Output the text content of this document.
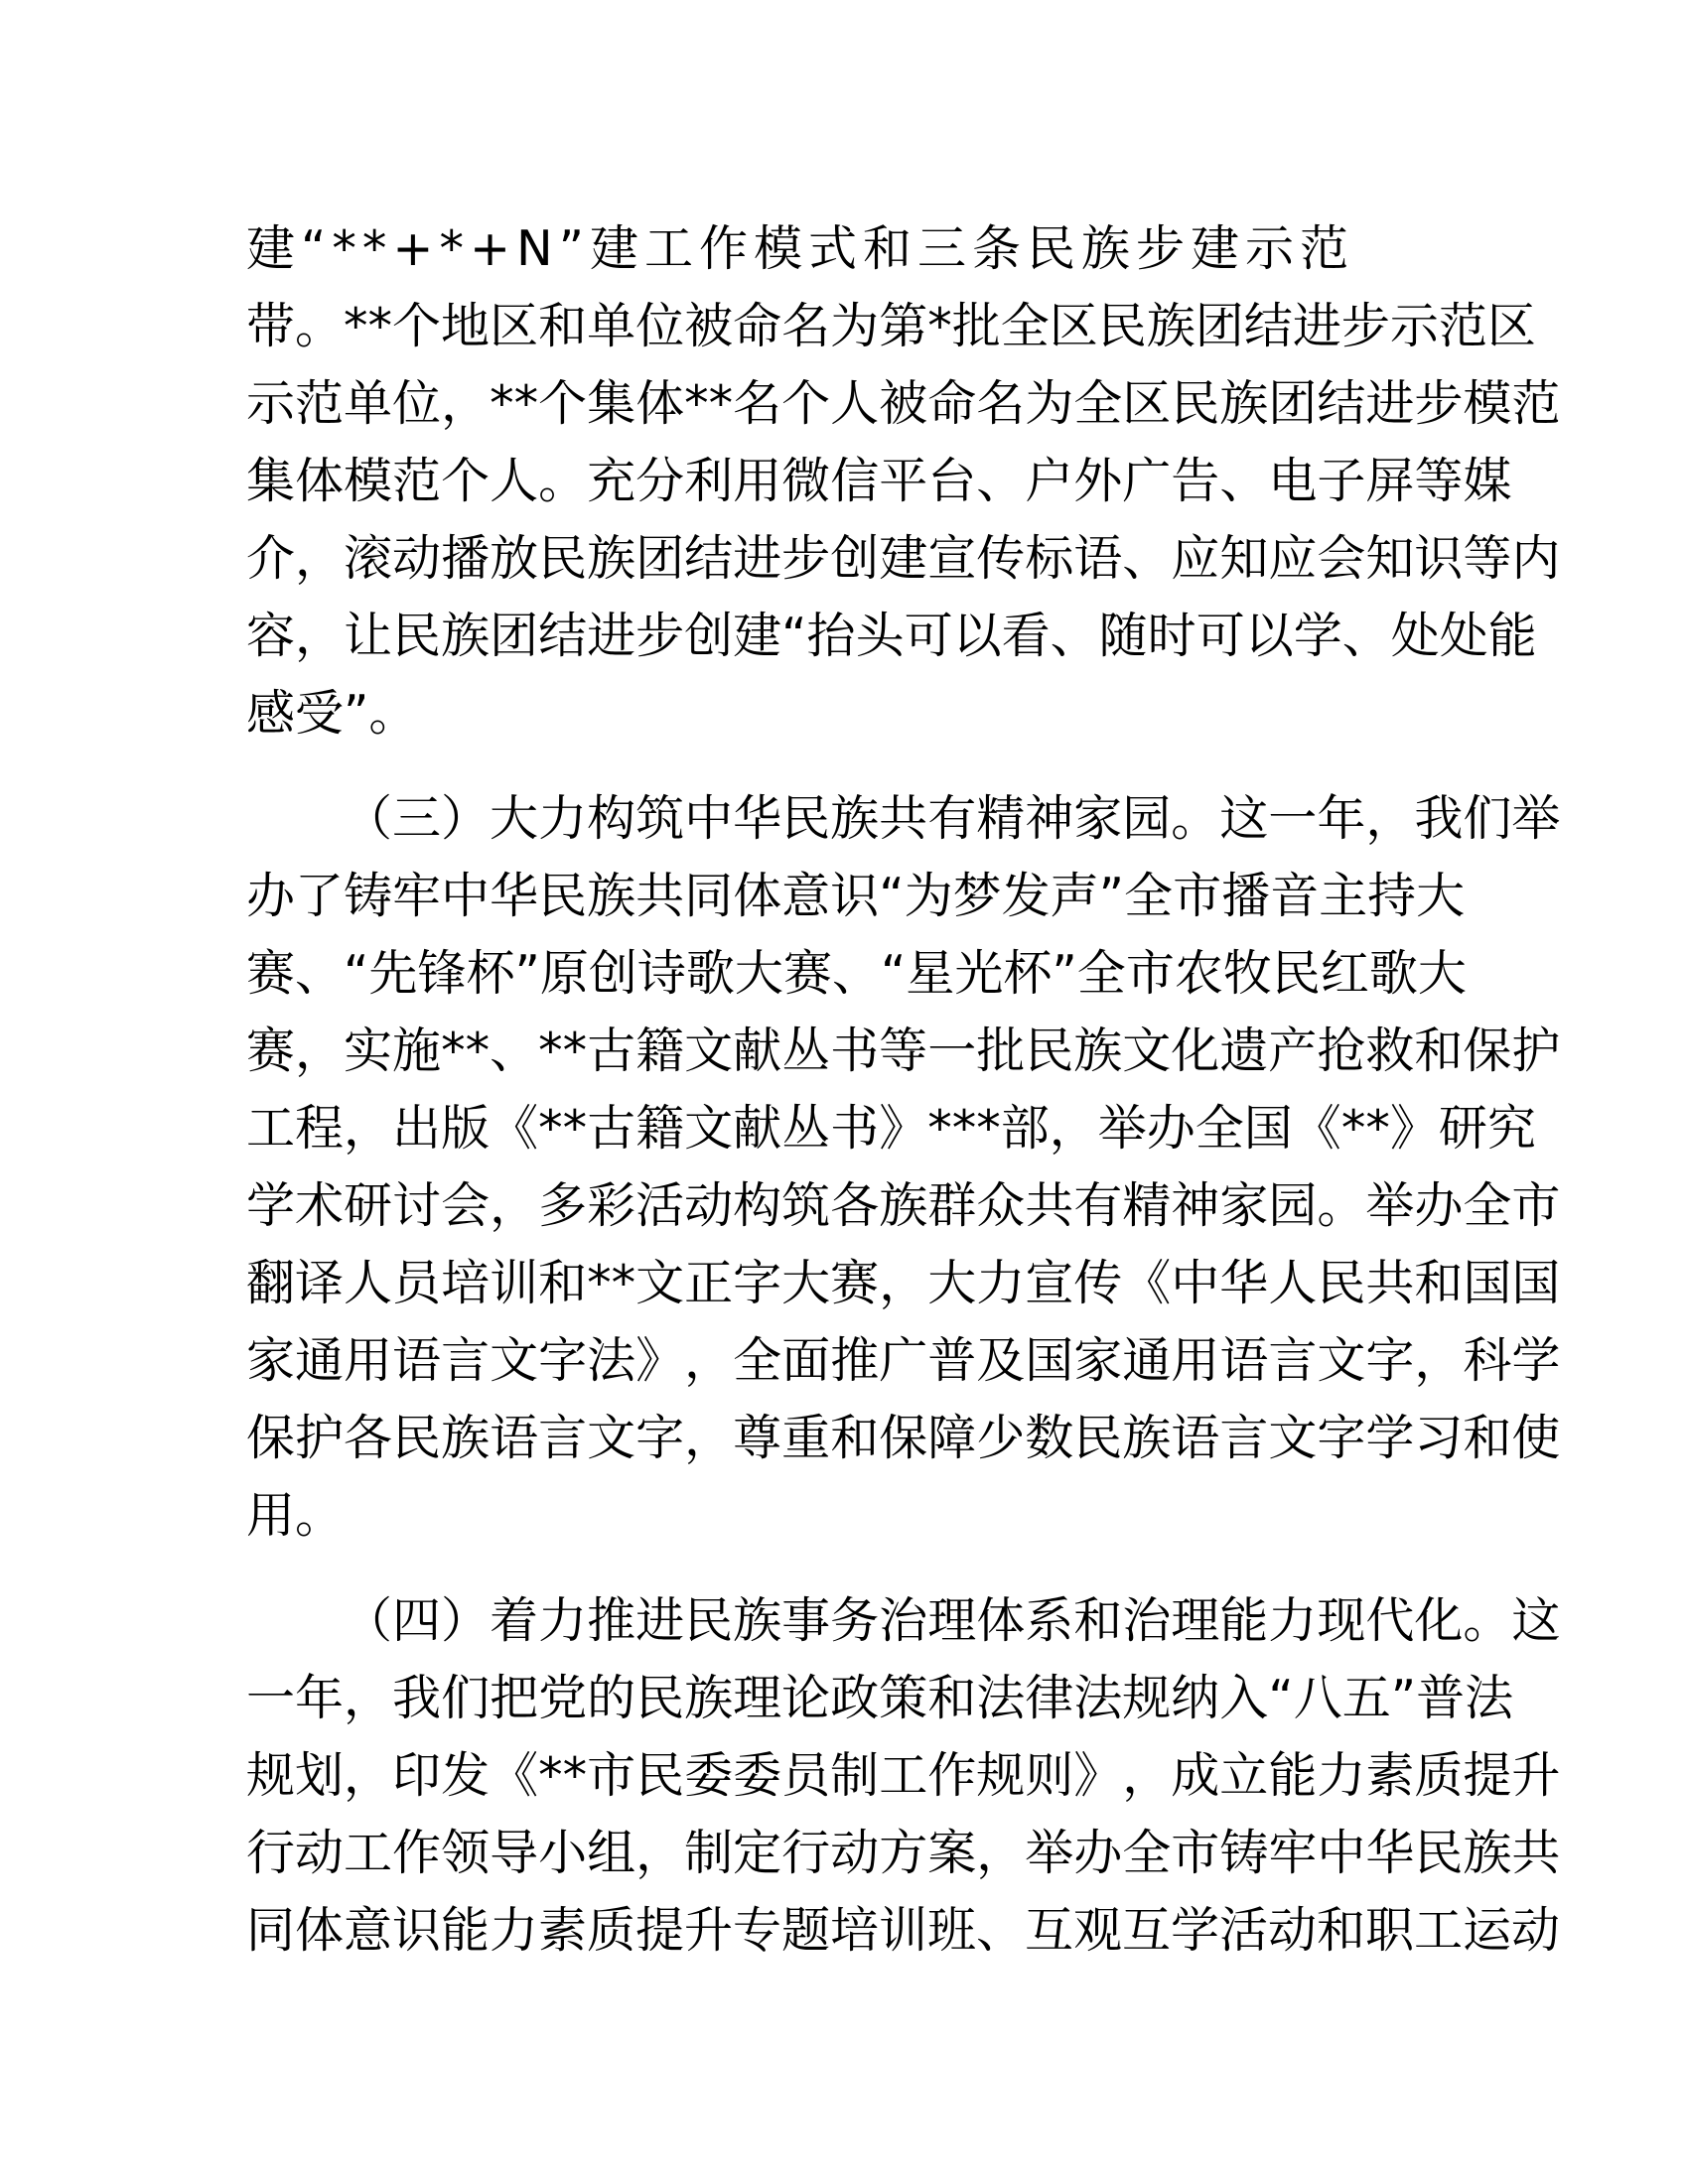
建“**+*+N”建工作模式和三条民族步建示范
带 。 * * 个 地 区 和 单 位 被 命 名 为 第 * 批 全 区 民 族 团 结 进 步 示 范 区
示 范 单 位 ， * * 个 集 体 * * 名 个 人 被 命 名 为 全 区 民 族 团 结 进 步 模 范
集 体 模 范 个 人 。 充 分 利 用 微 信 平 台 、 户 外 广 告 、 电 子 屏 等 媒
介 ， 滚 动 播 放 民 族 团 结 进 步 创 建 宣 传 标 语 、 应 知 应 会 知 识 等 内
容 ， 让 民 族 团 结 进 步 创 建 “ 抬 头 可 以 看 、 随 时 可 以 学 、 处 处 能
感受”。
（ 三 ） 大 力 构 筑 中 华 民 族 共 有 精 神 家 园 。 这 一 年 ， 我 们 举
办 了 铸 牢 中 华 民 族 共 同 体 意 识 “ 为 梦 发 声 ” 全 市 播 音 主 持 大
赛 、 “ 先 锋 杯 ” 原 创 诗 歌 大 赛 、 “ 星 光 杯 ” 全 市 农 牧 民 红 歌 大
赛 ， 实 施 * * 、 * * 古 籍 文 献 丛 书 等 一 批 民 族 文 化 遗 产 抢 救 和 保 护
工 程 ， 出 版 《 * * 古 籍 文 献 丛 书 》 * * * 部 ， 举 办 全 国 《 * * 》 研 究
学 术 研 讨 会 ， 多 彩 活 动 构 筑 各 族 群 众 共 有 精 神 家 园 。 举 办 全 市
翻 译 人 员 培 训 和 * * 文 正 字 大 赛 ， 大 力 宣 传 《 中 华 人 民 共 和 国 国
家 通 用 语 言 文 字 法 》 ， 全 面 推 广 普 及 国 家 通 用 语 言 文 字 ， 科 学
保 护 各 民 族 语 言 文 字 ， 尊 重 和 保 障 少 数 民 族 语 言 文 字 学 习 和 使
用。
（ 四 ） 着 力 推 进 民 族 事 务 治 理 体 系 和 治 理 能 力 现 代 化 。 这
一 年 ， 我 们 把 党 的 民 族 理 论 政 策 和 法 律 法 规 纳 入 “ 八 五 ” 普 法
规 划 ， 印 发 《 * * 市 民 委 委 员 制 工 作 规 则 》 ， 成 立 能 力 素 质 提 升
行 动 工 作 领 导 小 组 ， 制 定 行 动 方 案 ， 举 办 全 市 铸 牢 中 华 民 族 共
同体意识能力素质提升专题培训班、互观互学活动和职工运动
